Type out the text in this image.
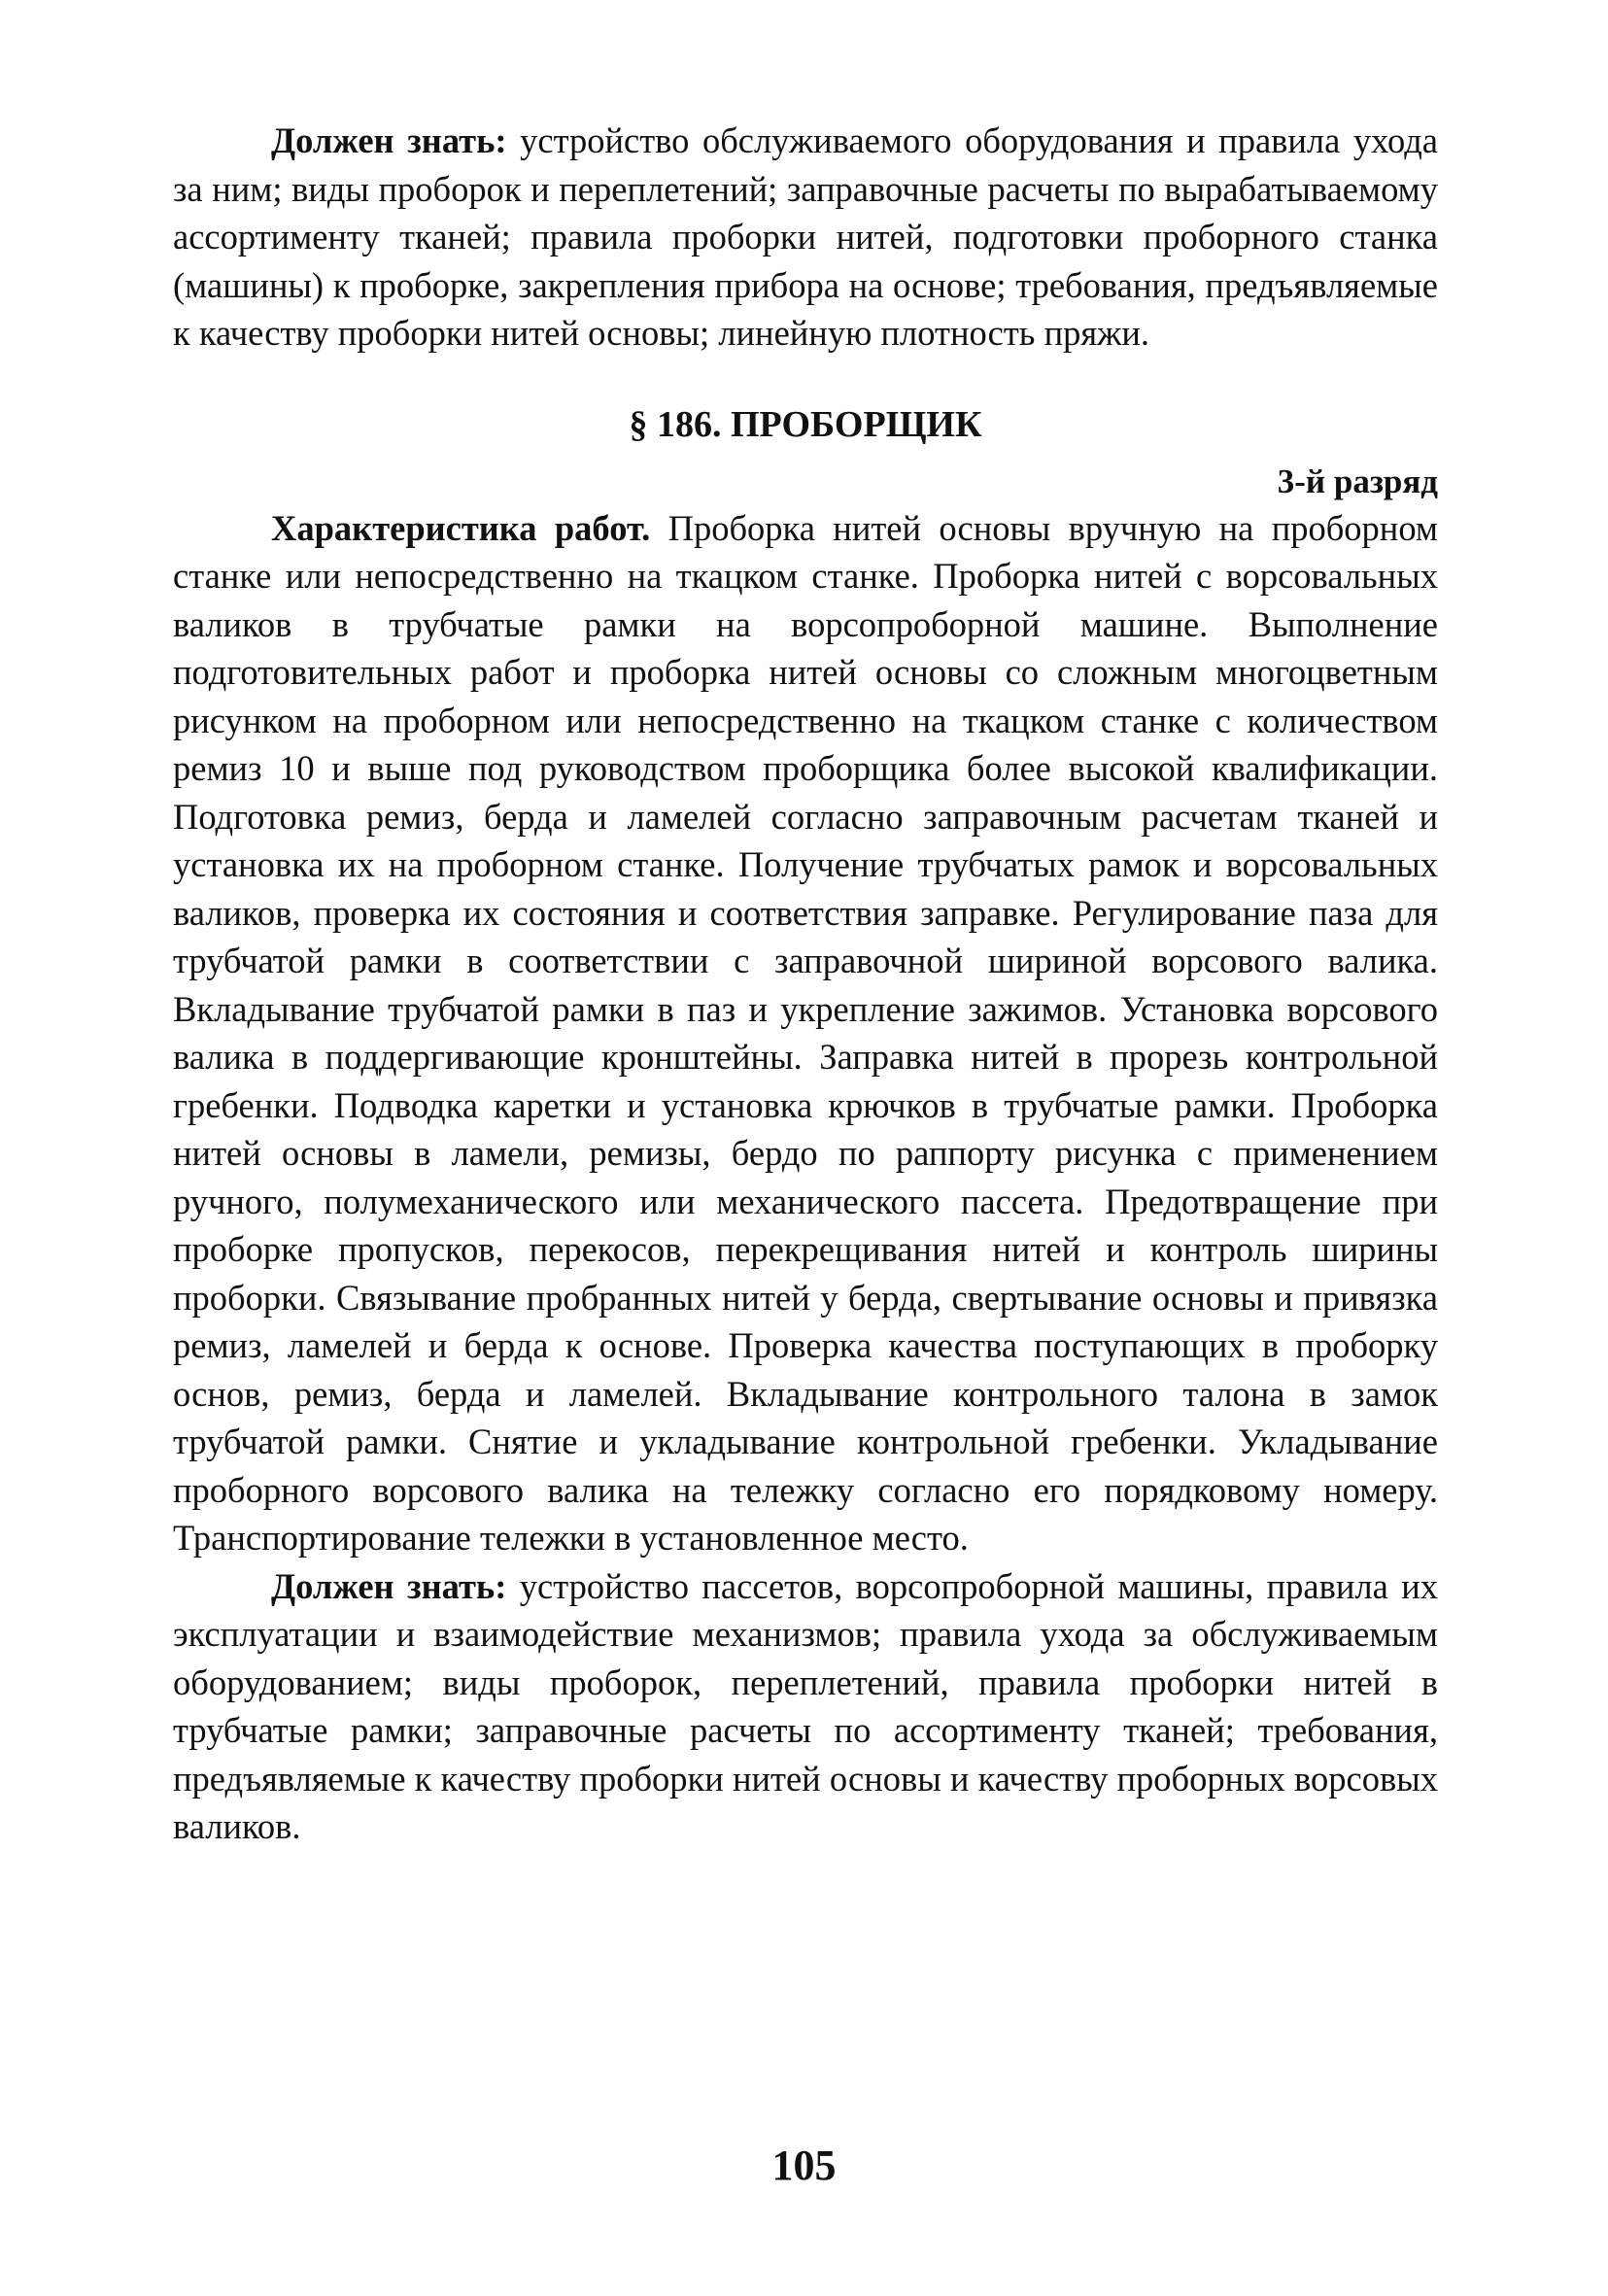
Должен знать: устройство обслуживаемого оборудования и правила ухода за ним; виды проборок и переплетений; заправочные расчеты по вырабатываемому ассортименту тканей; правила проборки нитей, подготовки проборного станка (машины) к проборке, закрепления прибора на основе; требования, предъявляемые к качеству проборки нитей основы; линейную плотность пряжи.

§ 186. ПРОБОРЩИК

3-й разряд

Характеристика работ. Проборка нитей основы вручную на проборном станке или непосредственно на ткацком станке. Проборка нитей с ворсовальных валиков в трубчатые рамки на ворсопроборной машине. Выполнение подготовительных работ и проборка нитей основы со сложным многоцветным рисунком на проборном или непосредственно на ткацком станке с количеством ремиз 10 и выше под руководством проборщика более высокой квалификации. Подготовка ремиз, берда и ламелей согласно заправочным расчетам тканей и установка их на проборном станке. Получение трубчатых рамок и ворсовальных валиков, проверка их состояния и соответствия заправке. Регулирование паза для трубчатой рамки в соответствии с заправочной шириной ворсового валика. Вкладывание трубчатой рамки в паз и укрепление зажимов. Установка ворсового валика в поддергивающие кронштейны. Заправка нитей в прорезь контрольной гребенки. Подводка каретки и установка крючков в трубчатые рамки. Проборка нитей основы в ламели, ремизы, бердо по раппорту рисунка с применением ручного, полумеханического или механического пассета. Предотвращение при проборке пропусков, перекосов, перекрещивания нитей и контроль ширины проборки. Связывание пробранных нитей у берда, свертывание основы и привязка ремиз, ламелей и берда к основе. Проверка качества поступающих в проборку основ, ремиз, берда и ламелей. Вкладывание контрольного талона в замок трубчатой рамки. Снятие и укладывание контрольной гребенки. Укладывание проборного ворсового валика на тележку согласно его порядковому номеру. Транспортирование тележки в установленное место.

Должен знать: устройство пассетов, ворсопроборной машины, правила их эксплуатации и взаимодействие механизмов; правила ухода за обслуживаемым оборудованием; виды проборок, переплетений, правила проборки нитей в трубчатые рамки; заправочные расчеты по ассортименту тканей; требования, предъявляемые к качеству проборки нитей основы и качеству проборных ворсовых валиков.

105
